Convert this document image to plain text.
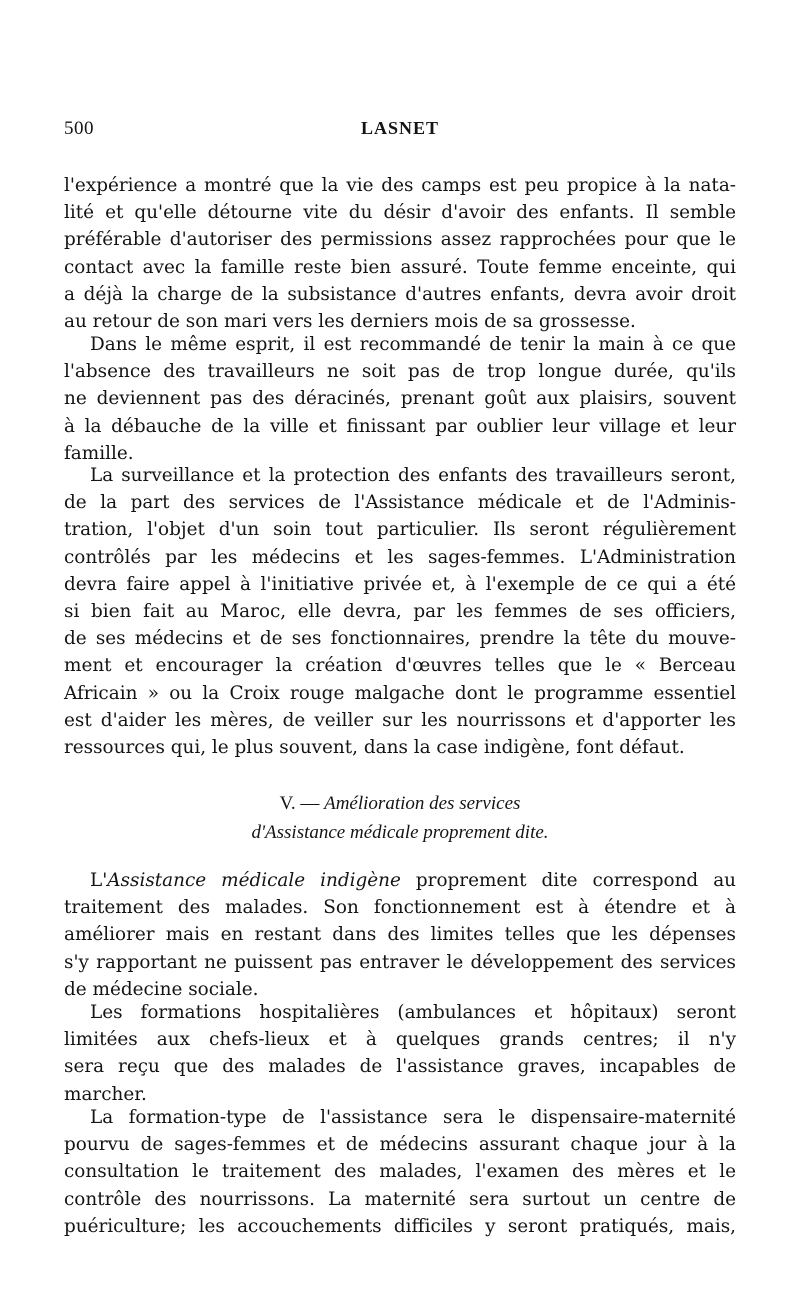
500	LASNET
l'expérience a montré que la vie des camps est peu propice à la nata-
lité et qu'elle détourne vite du désir d'avoir des enfants. Il semble
préférable d'autoriser des permissions assez rapprochées pour que le
contact avec la famille reste bien assuré. Toute femme enceinte, qui
a déjà la charge de la subsistance d'autres enfants, devra avoir droit
au retour de son mari vers les derniers mois de sa grossesse.
Dans le même esprit, il est recommandé de tenir la main à ce que
l'absence des travailleurs ne soit pas de trop longue durée, qu'ils
ne deviennent pas des déracinés, prenant goût aux plaisirs, souvent
à la débauche de la ville et finissant par oublier leur village et leur
famille.
La surveillance et la protection des enfants des travailleurs seront,
de la part des services de l'Assistance médicale et de l'Adminis-
tration, l'objet d'un soin tout particulier. Ils seront régulièrement
contrôlés par les médecins et les sages-femmes. L'Administration
devra faire appel à l'initiative privée et, à l'exemple de ce qui a été
si bien fait au Maroc, elle devra, par les femmes de ses officiers,
de ses médecins et de ses fonctionnaires, prendre la tête du mouve-
ment et encourager la création d'œuvres telles que le « Berceau
Africain » ou la Croix rouge malgache dont le programme essentiel
est d'aider les mères, de veiller sur les nourrissons et d'apporter les
ressources qui, le plus souvent, dans la case indigène, font défaut.
V. — Amélioration des services
d'Assistance médicale proprement dite.
L'Assistance médicale indigène proprement dite correspond au
traitement des malades. Son fonctionnement est à étendre et à
améliorer mais en restant dans des limites telles que les dépenses
s'y rapportant ne puissent pas entraver le développement des services
de médecine sociale.
Les formations hospitalières (ambulances et hôpitaux) seront
limitées aux chefs-lieux et à quelques grands centres; il n'y
sera reçu que des malades de l'assistance graves, incapables de
marcher.
La formation-type de l'assistance sera le dispensaire-maternité
pourvu de sages-femmes et de médecins assurant chaque jour à la
consultation le traitement des malades, l'examen des mères et le
contrôle des nourrissons. La maternité sera surtout un centre de
puériculture; les accouchements difficiles y seront pratiqués, mais,
